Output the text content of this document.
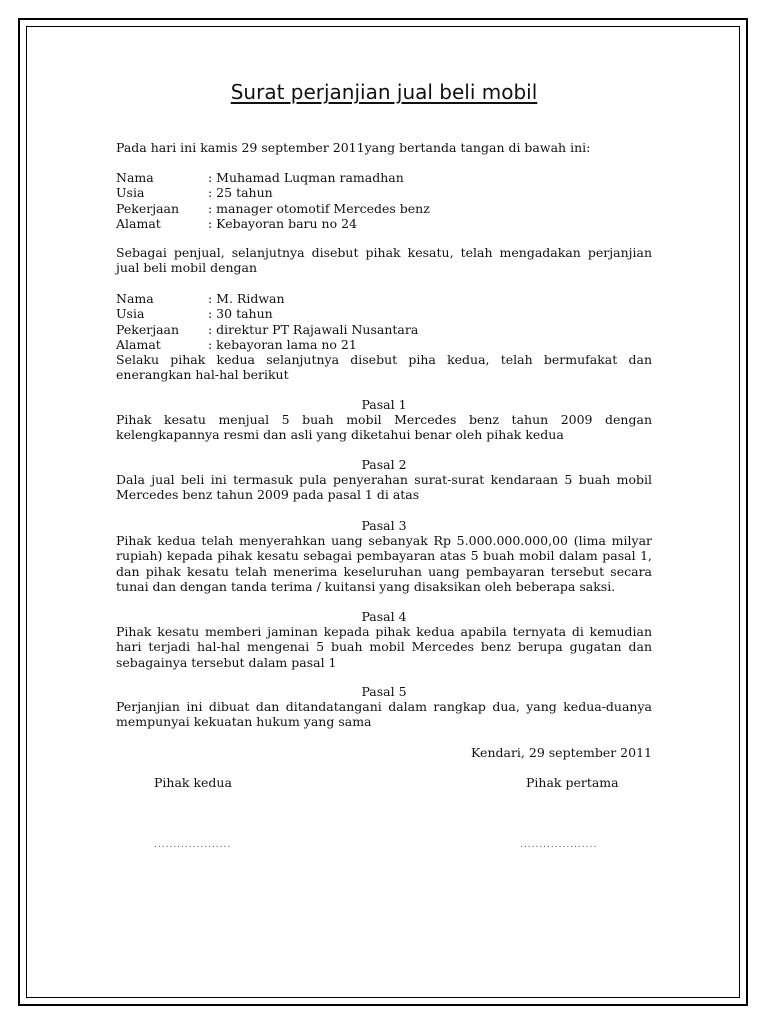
Surat perjanjian jual beli mobil
Pada hari ini kamis 29 september 2011yang bertanda tangan di bawah ini:
Nama	: Muhamad Luqman ramadhan
Usia	: 25 tahun
Pekerjaan	: manager otomotif Mercedes benz
Alamat	: Kebayoran baru no 24
Sebagai penjual, selanjutnya disebut pihak kesatu, telah mengadakan perjanjian jual beli mobil dengan
Nama	: M. Ridwan
Usia	: 30 tahun
Pekerjaan	: direktur PT Rajawali Nusantara
Alamat	: kebayoran lama no 21
Selaku pihak kedua selanjutnya disebut piha kedua, telah bermufakat dan enerangkan hal-hal berikut
Pasal 1
Pihak kesatu menjual 5 buah mobil Mercedes benz tahun 2009 dengan kelengkapannya resmi dan asli yang diketahui benar oleh pihak kedua
Pasal 2
Dala jual beli ini termasuk pula penyerahan surat-surat kendaraan 5 buah mobil Mercedes benz tahun 2009 pada pasal 1 di atas
Pasal 3
Pihak kedua telah menyerahkan uang sebanyak Rp 5.000.000.000,00 (lima milyar rupiah) kepada pihak kesatu sebagai pembayaran atas 5 buah mobil dalam pasal 1, dan pihak kesatu telah menerima keseluruhan uang pembayaran tersebut secara tunai dan dengan tanda terima / kuitansi yang disaksikan oleh beberapa saksi.
Pasal 4
Pihak kesatu memberi jaminan kepada pihak kedua apabila ternyata di kemudian hari terjadi hal-hal mengenai 5 buah mobil Mercedes benz berupa gugatan dan sebagainya tersebut dalam pasal 1
Pasal 5
Perjanjian ini dibuat dan ditandatangani dalam rangkap dua, yang kedua-duanya mempunyai kekuatan hukum yang sama
Kendari, 29 september 2011
Pihak kedua	Pihak pertama
....................	....................
